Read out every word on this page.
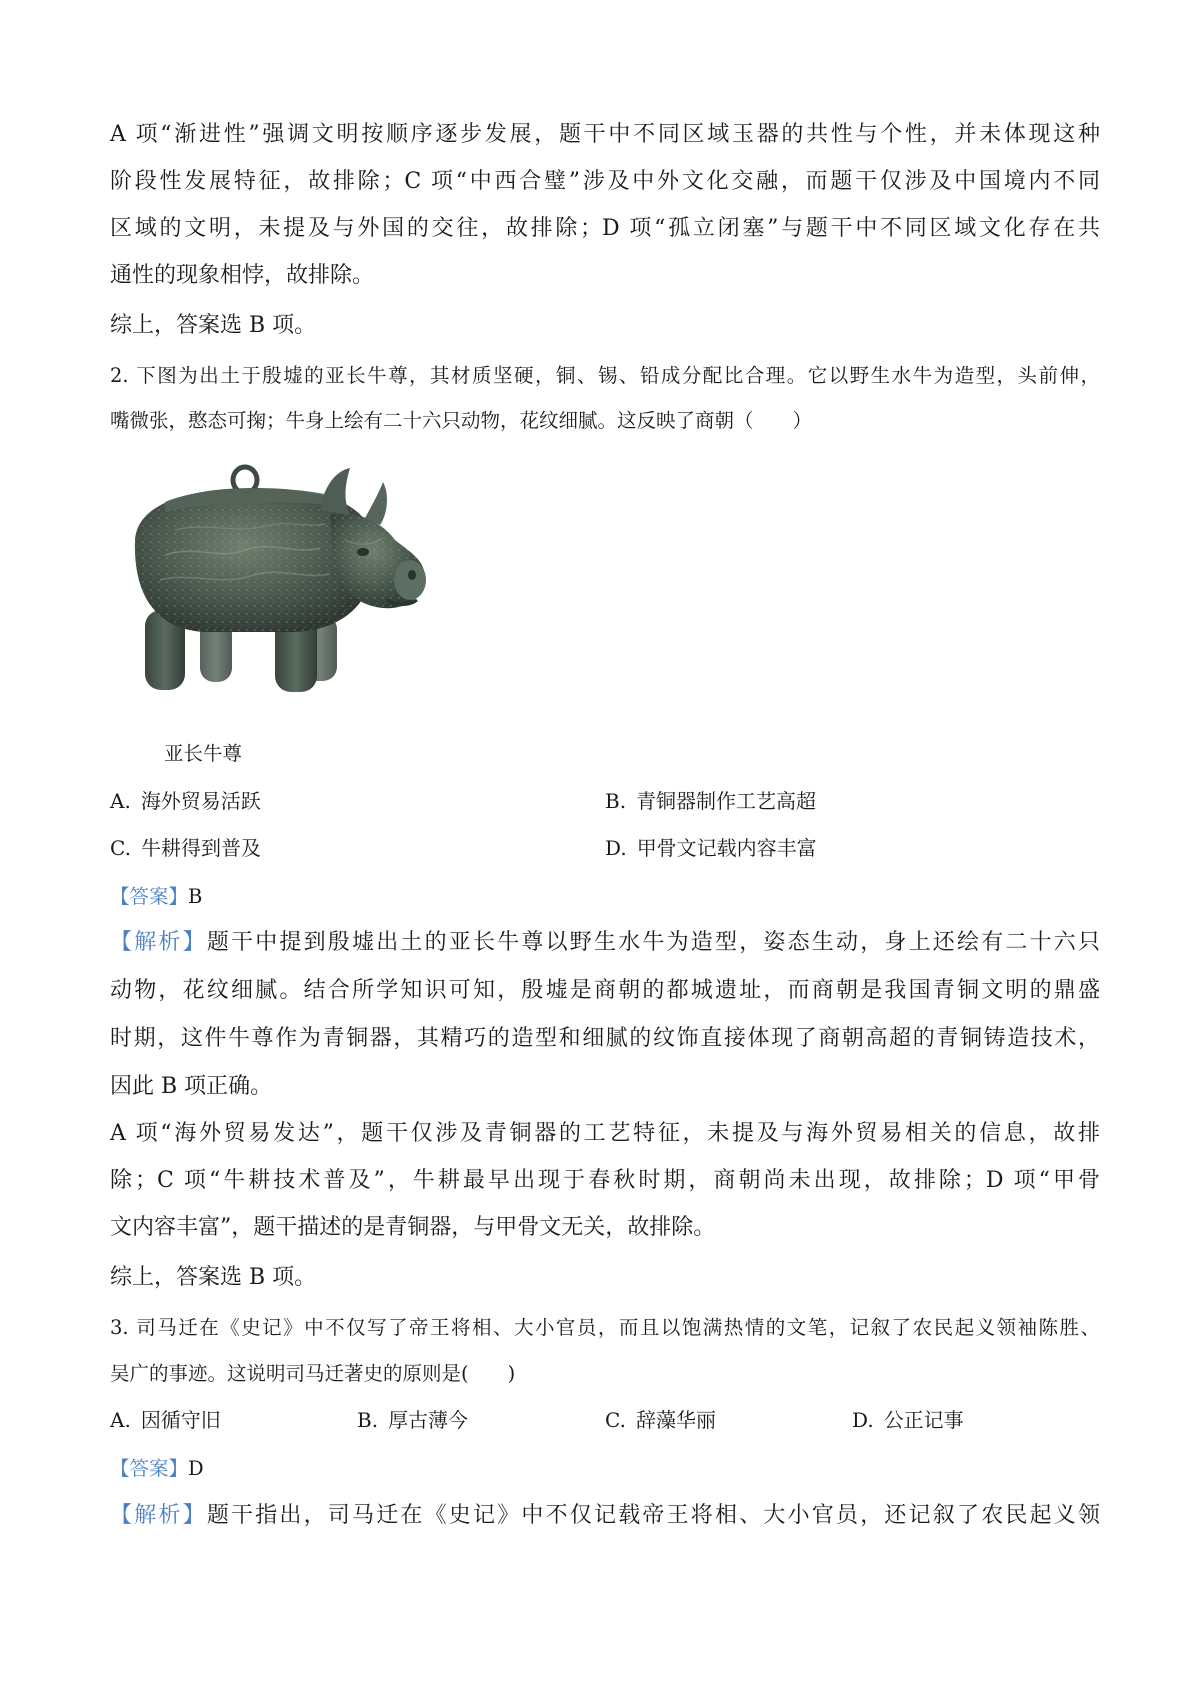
A 项“渐进性”强调文明按顺序逐步发展，题干中不同区域玉器的共性与个性，并未体现这种
阶段性发展特征，故排除；C 项“中西合璧”涉及中外文化交融，而题干仅涉及中国境内不同
区域的文明，未提及与外国的交往，故排除；D 项“孤立闭塞”与题干中不同区域文化存在共
通性的现象相悖，故排除。
综上，答案选 B 项。
2. 下图为出土于殷墟的亚长牛尊，其材质坚硬，铜、锡、铅成分配比合理。它以野生水牛为造型，头前伸，
嘴微张，憨态可掬；牛身上绘有二十六只动物，花纹细腻。这反映了商朝（　　）
亚长牛尊
A. 海外贸易活跃	B. 青铜器制作工艺高超
C. 牛耕得到普及	D. 甲骨文记载内容丰富
【答案】B
【解析】题干中提到殷墟出土的亚长牛尊以野生水牛为造型，姿态生动，身上还绘有二十六只
动物，花纹细腻。结合所学知识可知，殷墟是商朝的都城遗址，而商朝是我国青铜文明的鼎盛
时期，这件牛尊作为青铜器，其精巧的造型和细腻的纹饰直接体现了商朝高超的青铜铸造技术，
因此 B 项正确。
A 项“海外贸易发达”，题干仅涉及青铜器的工艺特征，未提及与海外贸易相关的信息，故排
除；C 项“牛耕技术普及”，牛耕最早出现于春秋时期，商朝尚未出现，故排除；D 项“甲骨
文内容丰富”，题干描述的是青铜器，与甲骨文无关，故排除。
综上，答案选 B 项。
3. 司马迁在《史记》中不仅写了帝王将相、大小官员，而且以饱满热情的文笔，记叙了农民起义领袖陈胜、
吴广的事迹。这说明司马迁著史的原则是(　　)
A. 因循守旧	B. 厚古薄今	C. 辞藻华丽	D. 公正记事
【答案】D
【解析】题干指出，司马迁在《史记》中不仅记载帝王将相、大小官员，还记叙了农民起义领
